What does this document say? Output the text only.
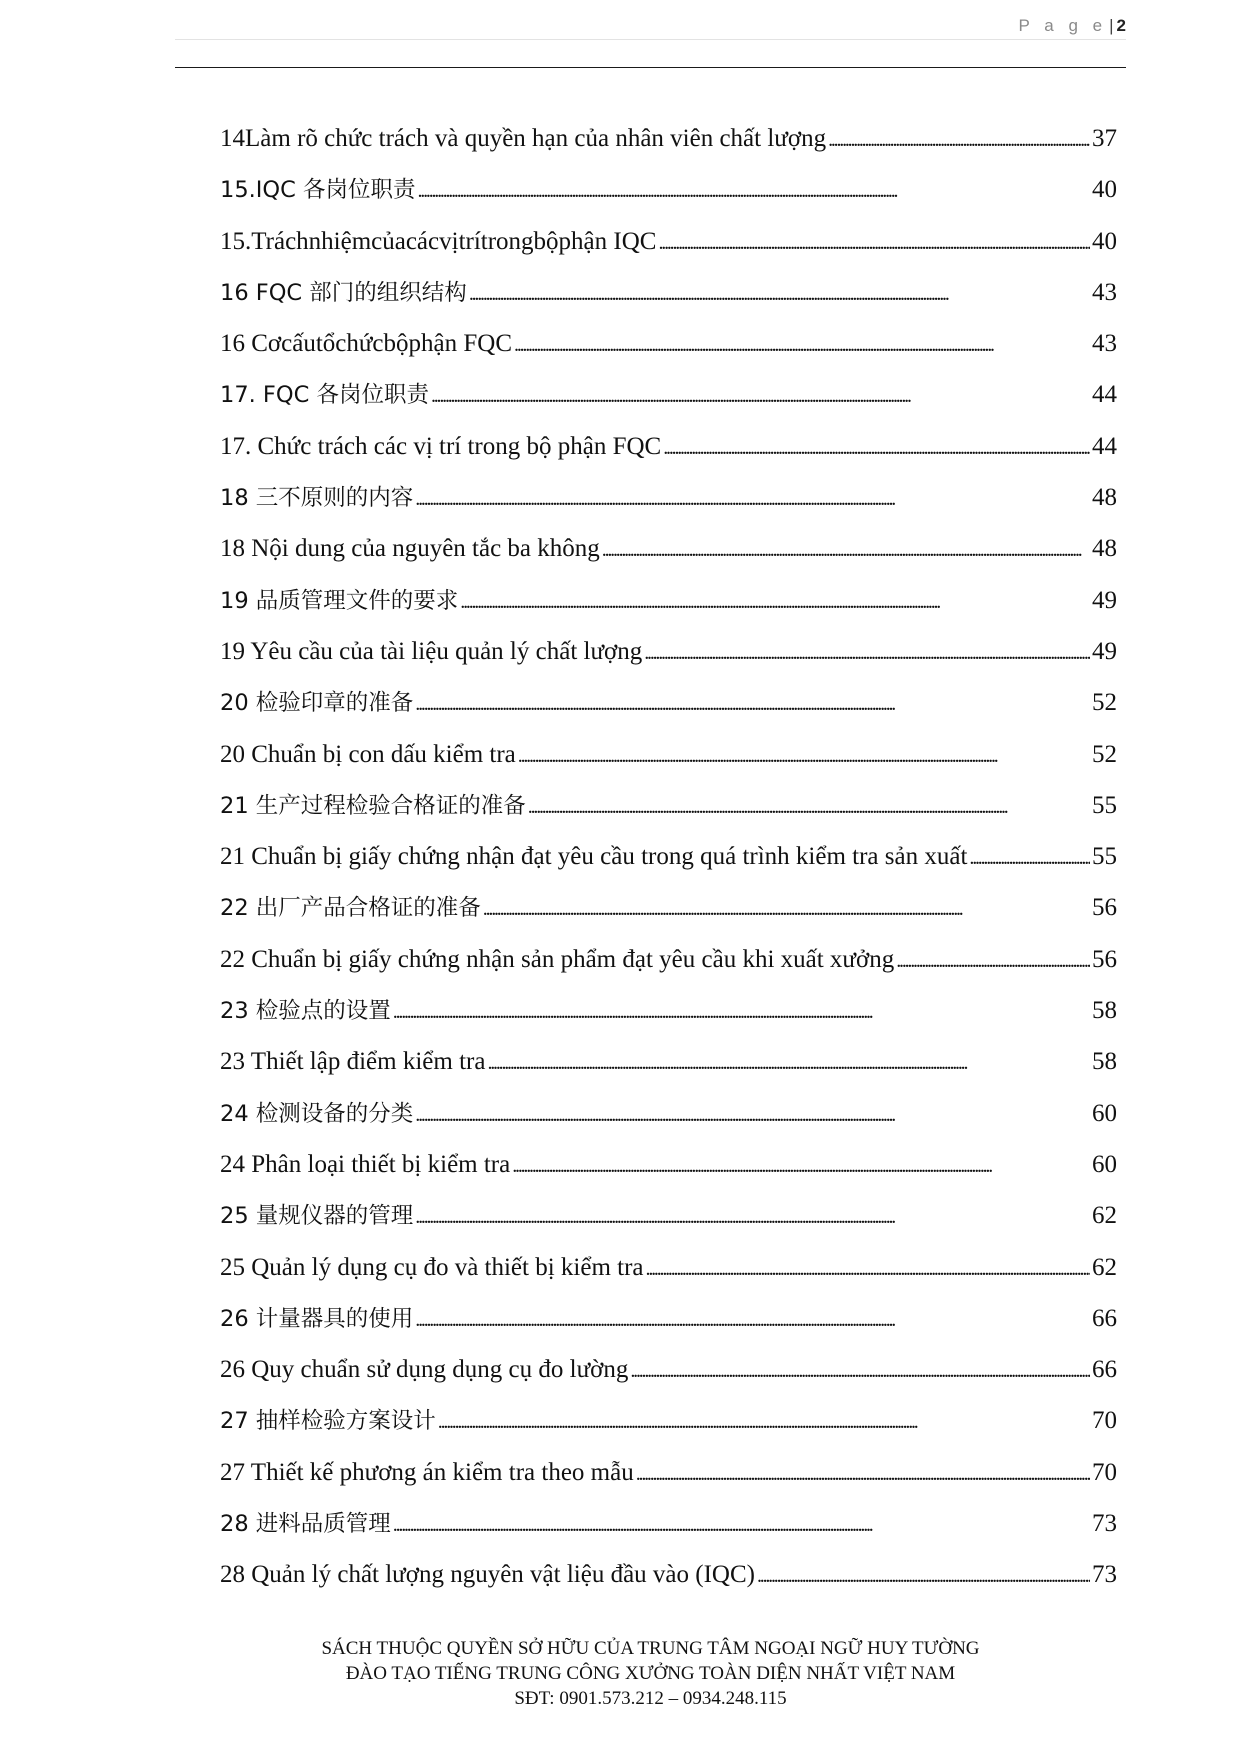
P a g e | 2
14Làm rõ chức trách và quyền hạn của nhân viên chất lượng . . .	37
15.IQC 各岗位职责 . . .	40
15.Tráchnhiệmcủacácvịtrítrongbộphận IQC . . .	40
16 FQC 部门的组织结构 . . .	43
16 Cơcấutổchứcbộphận FQC . . .	43
17. FQC 各岗位职责 . . .	44
17. Chức trách các vị trí trong bộ phận FQC . . .	44
18 三不原则的内容 . . .	48
18 Nội dung của nguyên tắc ba không . . .	48
19 品质管理文件的要求 . . .	49
19 Yêu cầu của tài liệu quản lý chất lượng . . .	49
20 检验印章的准备 . . .	52
20 Chuẩn bị con dấu kiểm tra . . .	52
21 生产过程检验合格证的准备 . . .	55
21 Chuẩn bị giấy chứng nhận đạt yêu cầu trong quá trình kiểm tra sản xuất . . .	55
22 出厂产品合格证的准备 . . .	56
22 Chuẩn bị giấy chứng nhận sản phẩm đạt yêu cầu khi xuất xưởng . . .	56
23 检验点的设置 . . .	58
23 Thiết lập điểm kiểm tra . . .	58
24 检测设备的分类 . . .	60
24 Phân loại thiết bị kiểm tra . . .	60
25 量规仪器的管理 . . .	62
25 Quản lý dụng cụ đo và thiết bị kiểm tra . . .	62
26 计量器具的使用 . . .	66
26 Quy chuẩn sử dụng dụng cụ đo lường . . .	66
27 抽样检验方案设计 . . .	70
27 Thiết kế phương án kiểm tra theo mẫu . . .	70
28 进料品质管理 . . .	73
28 Quản lý chất lượng nguyên vật liệu đầu vào (IQC) . . .	73
SÁCH THUỘC QUYỀN SỞ HỮU CỦA TRUNG TÂM NGOẠI NGỮ HUY TƯỜNG
ĐÀO TẠO TIẾNG TRUNG CÔNG XƯỞNG TOÀN DIỆN NHẤT VIỆT NAM
SĐT: 0901.573.212 – 0934.248.115
